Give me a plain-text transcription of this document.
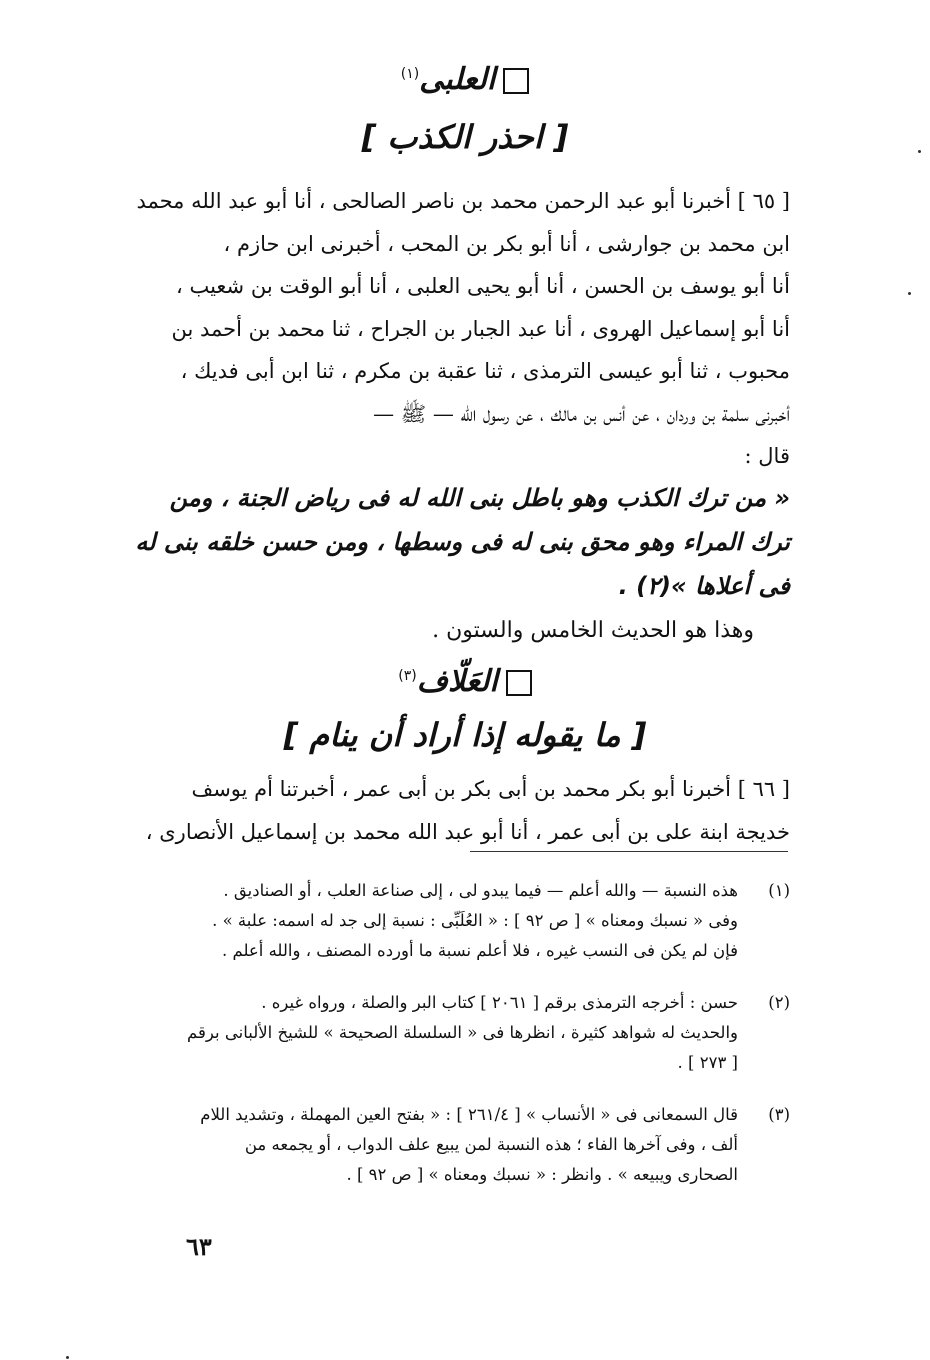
العلبى$^{(١)}$
[ احذر الكذب ]
[ ٦٥ ] أخبرنا أبو عبد الرحمن محمد بن ناصر الصالحى ، أنا أبو عبد الله محمد
ابن محمد بن جوارشى ، أنا أبو بكر بن المحب ، أخبرنى ابن حازم ،
أنا أبو يوسف بن الحسن ، أنا أبو يحيى العلبى ، أنا أبو الوقت بن شعيب ،
أنا أبو إسماعيل الهروى ، أنا عبد الجبار بن الجراح ، ثنا محمد بن أحمد بن
محبوب ، ثنا أبو عيسى الترمذى ، ثنا عقبة بن مكرم ، ثنا ابن أبى فديك ،
أخبرنى سلمة بن وردان ، عن أنس بن مالك ، عن رسول الله — ﷺ —
قال :
« من ترك الكذب وهو باطل بنى الله له فى رياض الجنة ، ومن
ترك المراء وهو محق بنى له فى وسطها ، ومن حسن خلقه بنى له
فى أعلاها »(٢) .
وهذا هو الحديث الخامس والستون .
العَلّاف$^{(٣)}$
[ ما يقوله إذا أراد أن ينام ]
[ ٦٦ ] أخبرنا أبو بكر محمد بن أبى بكر بن أبى عمر ، أخبرتنا أم يوسف
خديجة ابنة على بن أبى عمر ، أنا أبو عبد الله محمد بن إسماعيل الأنصارى ،
(١)
هذه النسبة — والله أعلم — فيما يبدو لى ، إلى صناعة العلب ، أو الصناديق .
وفى « نسبك ومعناه » [ ص ٩٢ ] : « العُلَبِّى : نسبة إلى جد له اسمه: علبة » .
فإن لم يكن فى النسب غيره ، فلا أعلم نسبة ما أورده المصنف ، والله أعلم .
(٢)
حسن : أخرجه الترمذى برقم [ ٢٠٦١ ] كتاب البر والصلة ، ورواه غيره .
والحديث له شواهد كثيرة ، انظرها فى « السلسلة الصحيحة » للشيخ الألبانى برقم
[ ٢٧٣ ] .
(٣)
قال السمعانى فى « الأنساب » [ ٢٦١/٤ ] : « بفتح العين المهملة ، وتشديد اللام
ألف ، وفى آخرها الفاء ؛ هذه النسبة لمن يبيع علف الدواب ، أو يجمعه من
الصحارى ويبيعه » . وانظر : « نسبك ومعناه » [ ص ٩٢ ] .
٦٣
